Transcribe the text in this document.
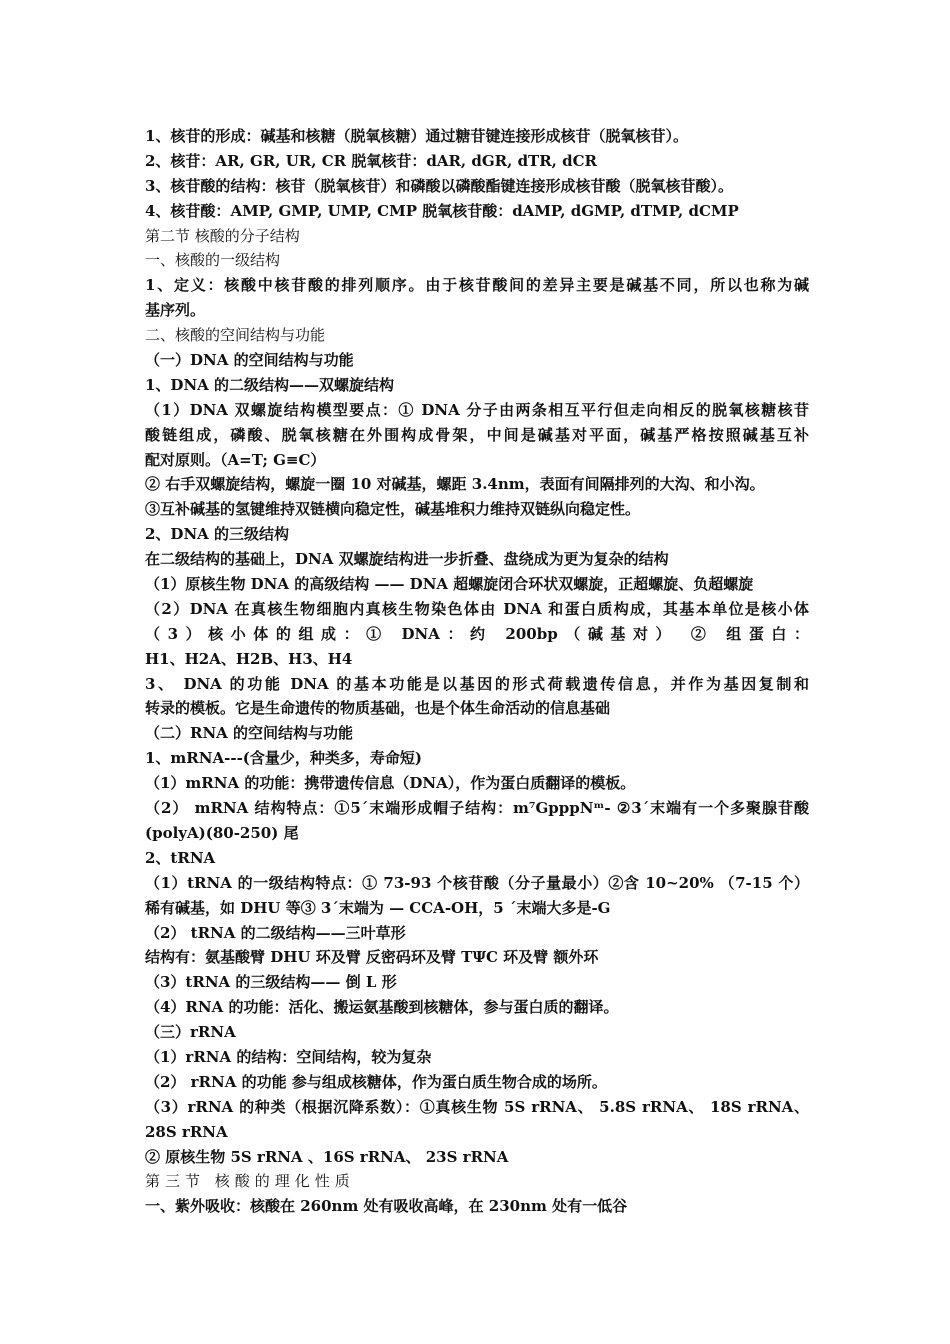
1、核苷的形成：碱基和核糖（脱氧核糖）通过糖苷键连接形成核苷（脱氧核苷）。
2、核苷：AR, GR, UR, CR 脱氧核苷：dAR, dGR, dTR, dCR
3、核苷酸的结构：核苷（脱氧核苷）和磷酸以磷酸酯键连接形成核苷酸（脱氧核苷酸）。
4、核苷酸：AMP, GMP, UMP, CMP 脱氧核苷酸：dAMP, dGMP, dTMP, dCMP
第二节 核酸的分子结构
一、核酸的一级结构
1、定义：核酸中核苷酸的排列顺序。由于核苷酸间的差异主要是碱基不同，所以也称为碱
基序列。
二、核酸的空间结构与功能
（一）DNA 的空间结构与功能
1、DNA 的二级结构——双螺旋结构
（1）DNA 双螺旋结构模型要点：① DNA 分子由两条相互平行但走向相反的脱氧核糖核苷
酸链组成，磷酸、脱氧核糖在外围构成骨架，中间是碱基对平面，碱基严格按照碱基互补
配对原则。（A=T; G≡C）
② 右手双螺旋结构，螺旋一圈 10 对碱基，螺距 3.4nm，表面有间隔排列的大沟、和小沟。
③互补碱基的氢键维持双链横向稳定性，碱基堆积力维持双链纵向稳定性。
2、DNA 的三级结构
在二级结构的基础上，DNA 双螺旋结构进一步折叠、盘绕成为更为复杂的结构
（1）原核生物 DNA 的高级结构 —— DNA 超螺旋闭合环状双螺旋，正超螺旋、负超螺旋
（2）DNA 在真核生物细胞内真核生物染色体由 DNA 和蛋白质构成，其基本单位是核小体
（3）核小体的组成：① DNA：约 200bp（碱基对） ② 组蛋白：
H1、H2A、H2B、H3、H4
3、 DNA 的功能 DNA 的基本功能是以基因的形式荷载遗传信息，并作为基因复制和
转录的模板。它是生命遗传的物质基础，也是个体生命活动的信息基础
（二）RNA 的空间结构与功能
1、mRNA---(含量少，种类多，寿命短)
（1）mRNA 的功能：携带遗传信息（DNA），作为蛋白质翻译的模板。
（2） mRNA 结构特点：①5´末端形成帽子结构：m⁷GpppNᵐ- ②3´末端有一个多聚腺苷酸
(polyA)(80-250) 尾
2、tRNA
（1）tRNA 的一级结构特点：① 73-93 个核苷酸（分子量最小）②含 10~20% （7-15 个）
稀有碱基，如 DHU 等③ 3´末端为 — CCA-OH，5 ´末端大多是-G
（2） tRNA 的二级结构——三叶草形
结构有：氨基酸臂 DHU 环及臂 反密码环及臂 TΨC 环及臂 额外环
（3）tRNA 的三级结构—— 倒 L 形
（4）RNA 的功能：活化、搬运氨基酸到核糖体，参与蛋白质的翻译。
（三）rRNA
（1）rRNA 的结构：空间结构，较为复杂
（2） rRNA 的功能 参与组成核糖体，作为蛋白质生物合成的场所。
（3）rRNA 的种类（根据沉降系数）：①真核生物 5S rRNA、 5.8S rRNA、 18S rRNA、
28S rRNA
② 原核生物 5S rRNA 、16S rRNA、 23S rRNA
第三节 核酸的理化性质
一、紫外吸收：核酸在 260nm 处有吸收高峰，在 230nm 处有一低谷
